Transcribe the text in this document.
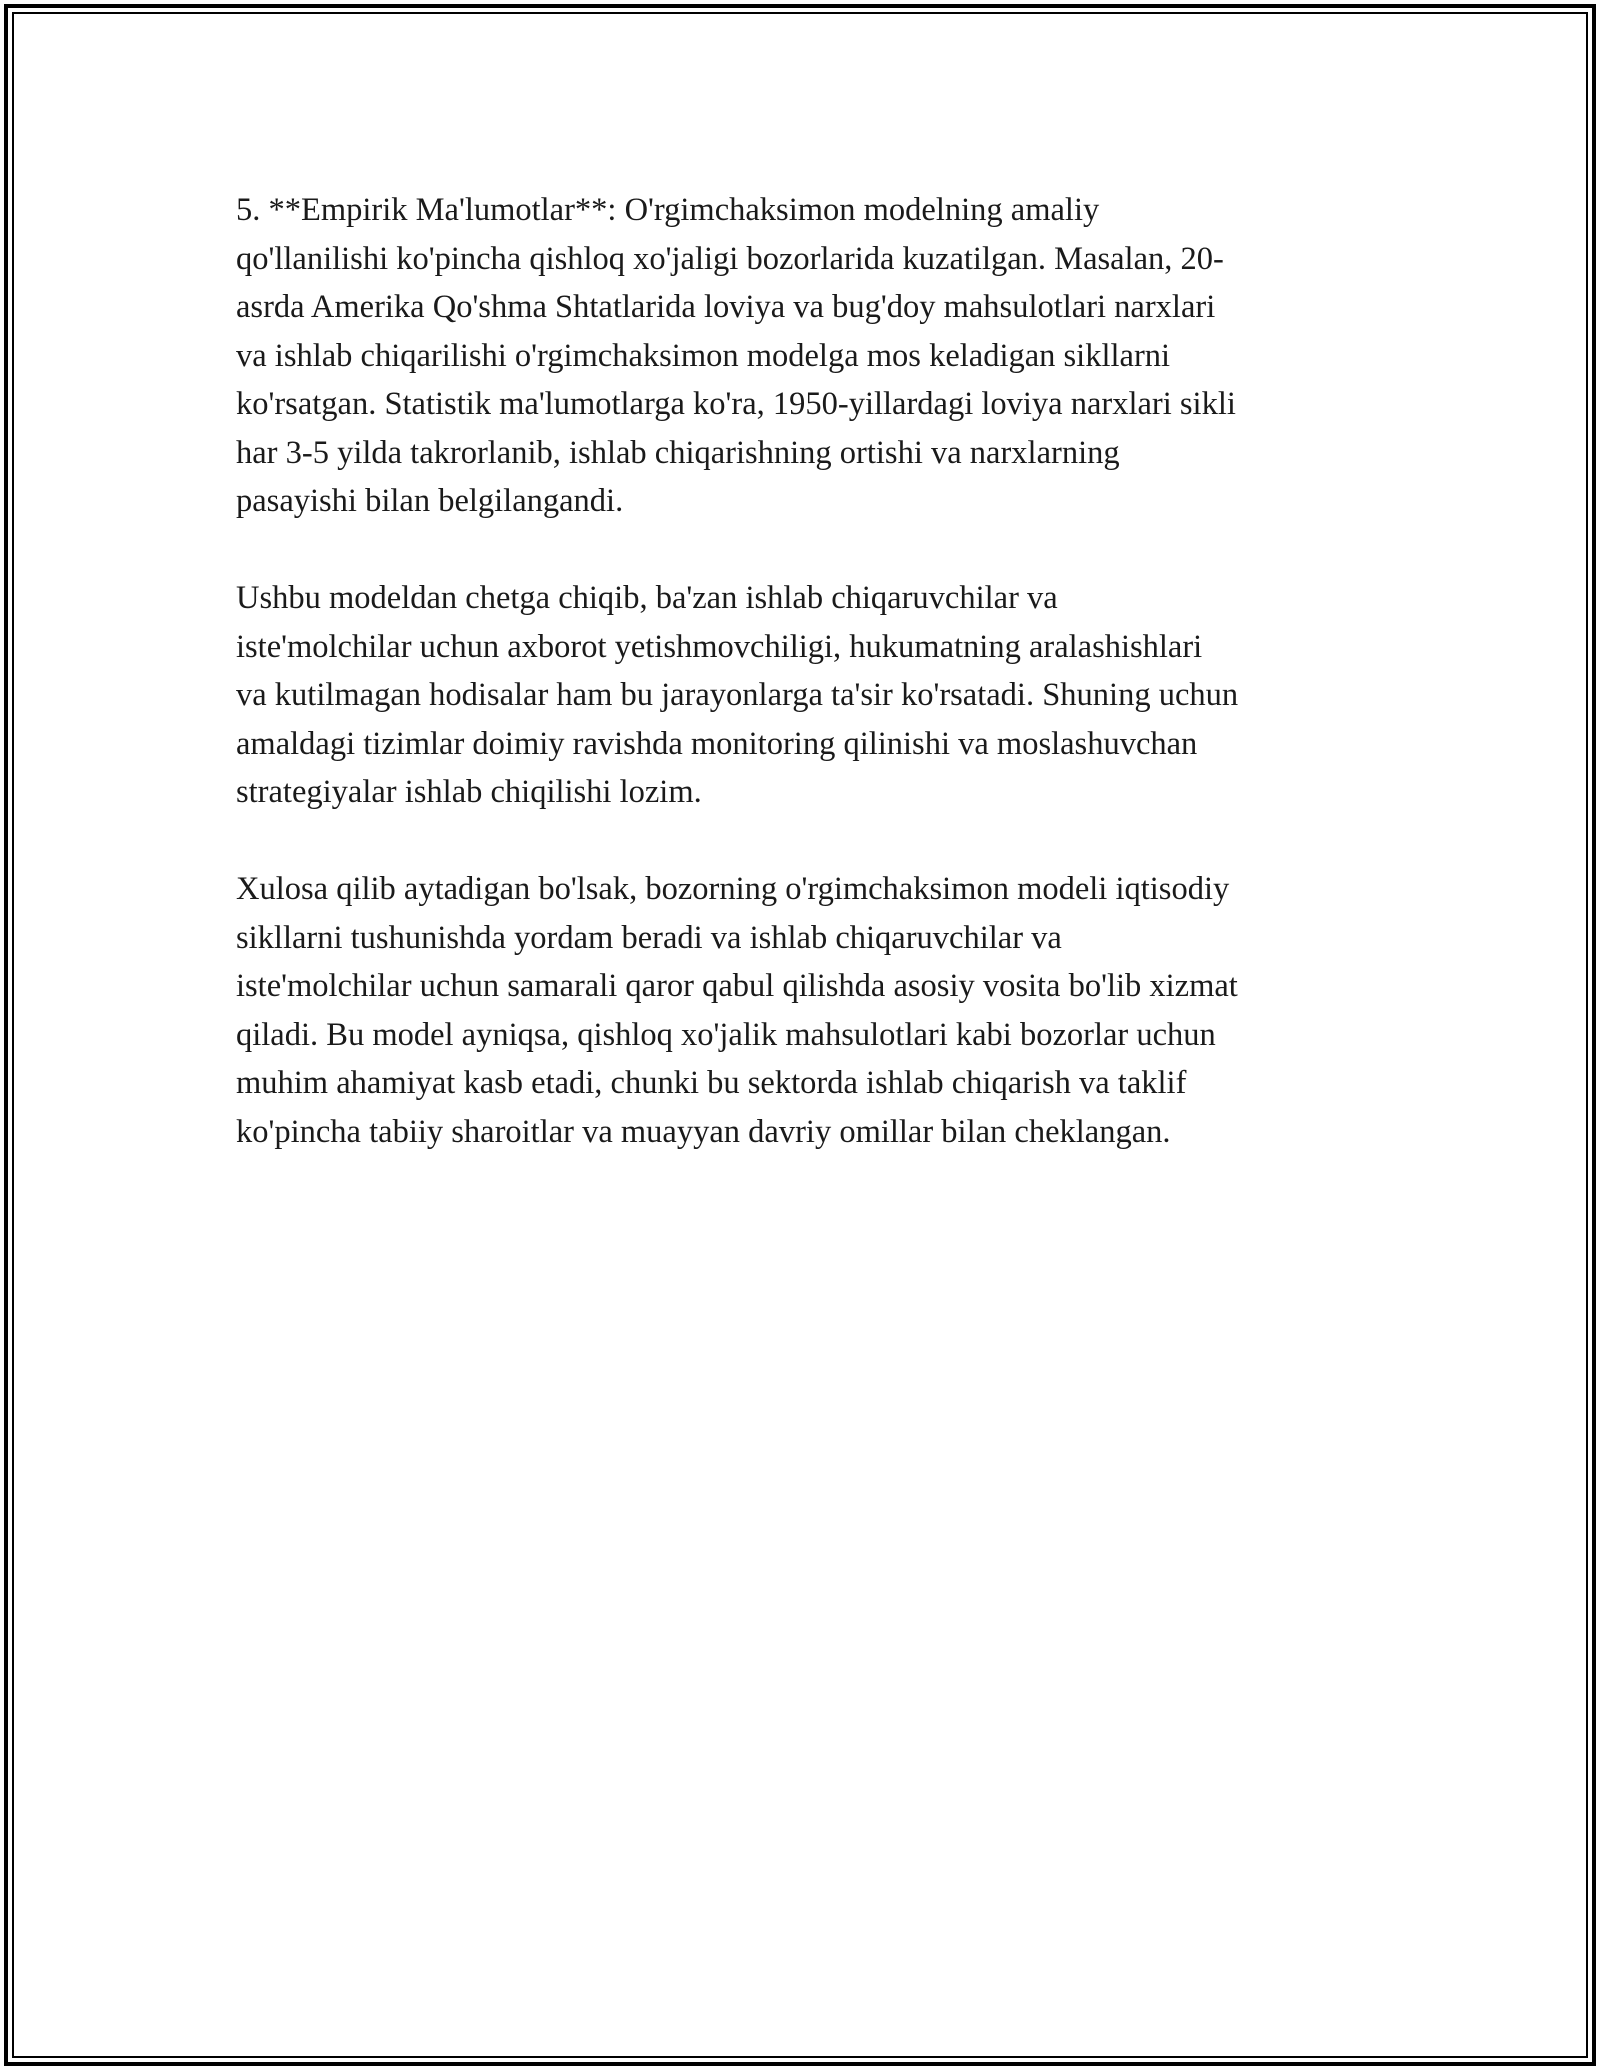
5. **Empirik Ma'lumotlar**: O'rgimchaksimon modelning amaliy
qo'llanilishi ko'pincha qishloq xo'jaligi bozorlarida kuzatilgan. Masalan, 20-
asrda Amerika Qo'shma Shtatlarida loviya va bug'doy mahsulotlari narxlari
va ishlab chiqarilishi o'rgimchaksimon modelga mos keladigan sikllarni
ko'rsatgan. Statistik ma'lumotlarga ko'ra, 1950-yillardagi loviya narxlari sikli
har 3-5 yilda takrorlanib, ishlab chiqarishning ortishi va narxlarning
pasayishi bilan belgilangandi.

Ushbu modeldan chetga chiqib, ba'zan ishlab chiqaruvchilar va
iste'molchilar uchun axborot yetishmovchiligi, hukumatning aralashishlari
va kutilmagan hodisalar ham bu jarayonlarga ta'sir ko'rsatadi. Shuning uchun
amaldagi tizimlar doimiy ravishda monitoring qilinishi va moslashuvchan
strategiyalar ishlab chiqilishi lozim.

Xulosa qilib aytadigan bo'lsak, bozorning o'rgimchaksimon modeli iqtisodiy
sikllarni tushunishda yordam beradi va ishlab chiqaruvchilar va
iste'molchilar uchun samarali qaror qabul qilishda asosiy vosita bo'lib xizmat
qiladi. Bu model ayniqsa, qishloq xo'jalik mahsulotlari kabi bozorlar uchun
muhim ahamiyat kasb etadi, chunki bu sektorda ishlab chiqarish va taklif
ko'pincha tabiiy sharoitlar va muayyan davriy omillar bilan cheklangan.
